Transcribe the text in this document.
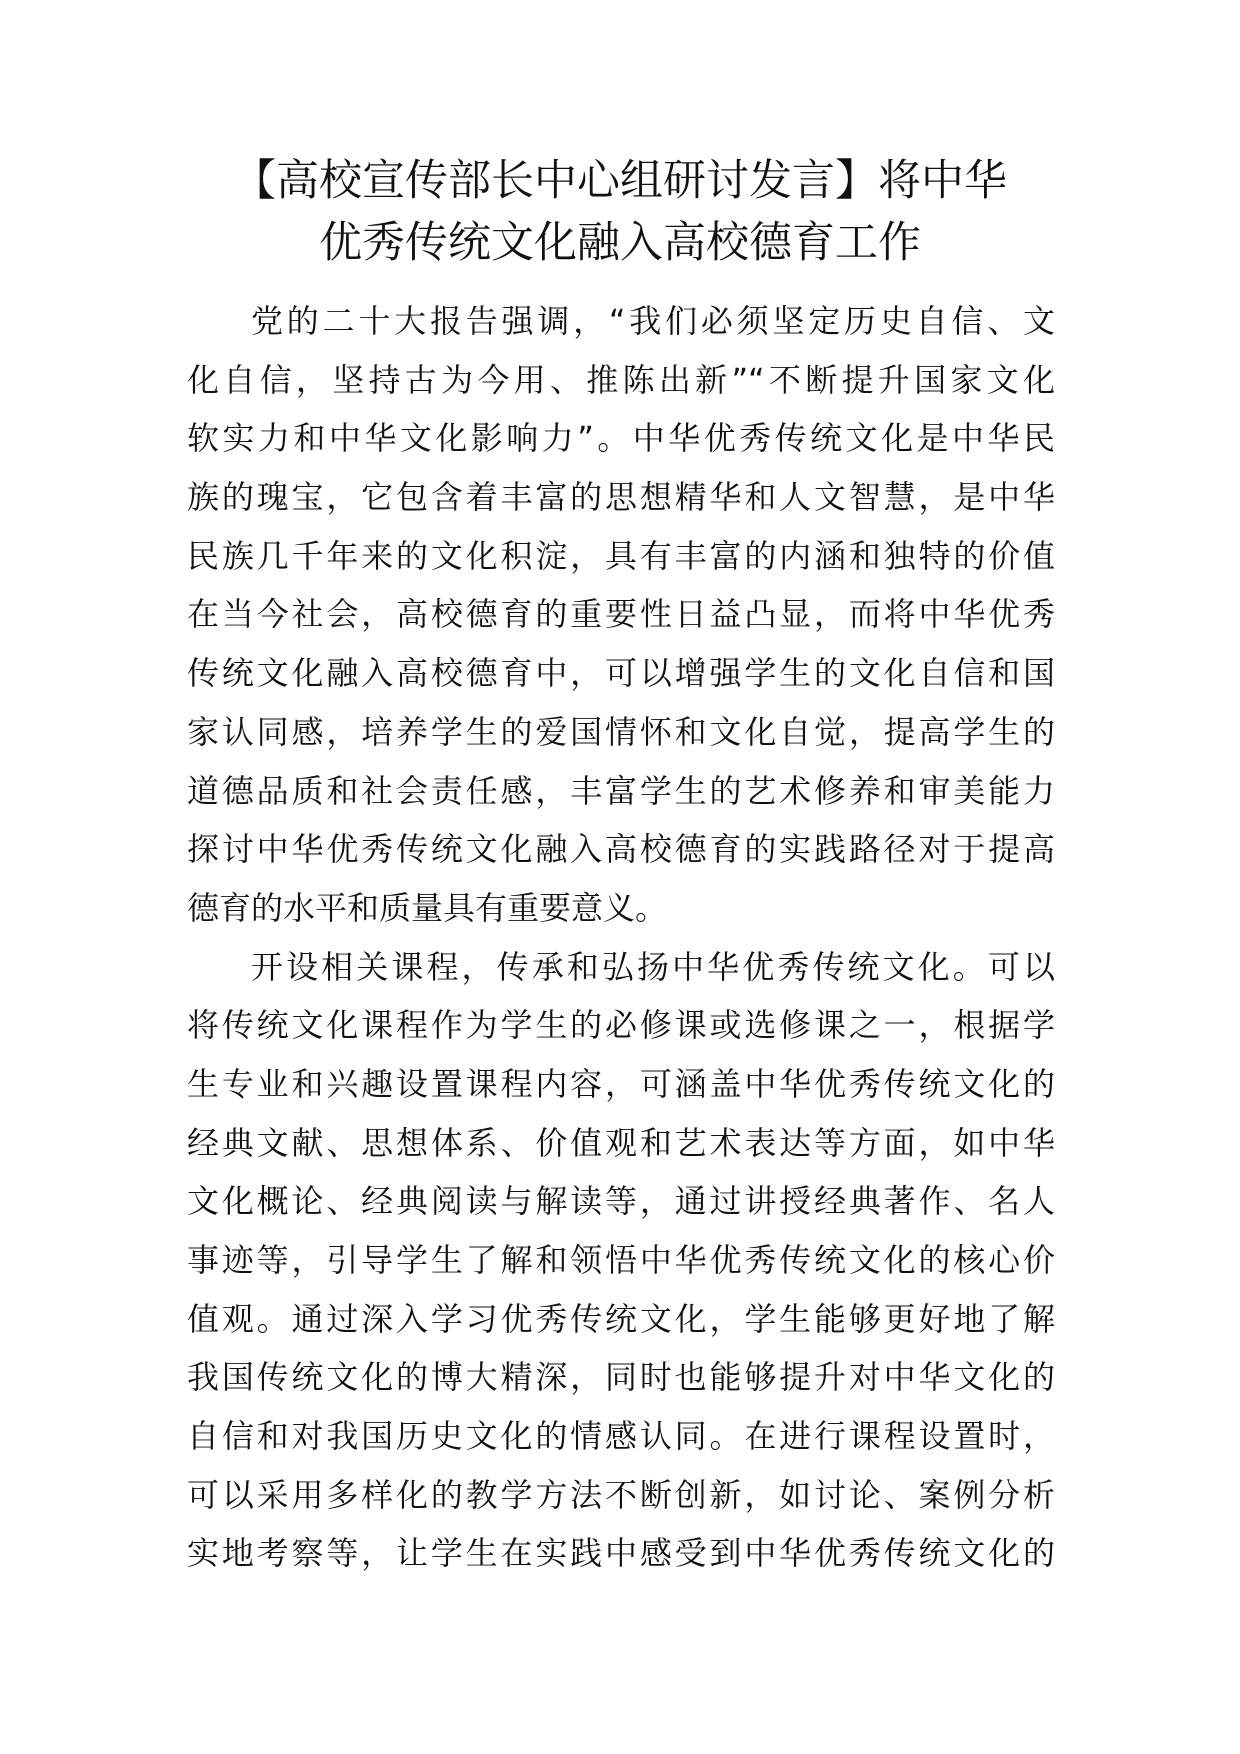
【高校宣传部长中心组研讨发言】将中华
优秀传统文化融入高校德育工作
党的二十大报告强调，“我们必须坚定历史自信、文
化自信，坚持古为今用、推陈出新”“不断提升国家文化
软实力和中华文化影响力”。中华优秀传统文化是中华民
族的瑰宝，它包含着丰富的思想精华和人文智慧，是中华
民族几千年来的文化积淀，具有丰富的内涵和独特的价值
在当今社会，高校德育的重要性日益凸显，而将中华优秀
传统文化融入高校德育中，可以增强学生的文化自信和国
家认同感，培养学生的爱国情怀和文化自觉，提高学生的
道德品质和社会责任感，丰富学生的艺术修养和审美能力
探讨中华优秀传统文化融入高校德育的实践路径对于提高
德育的水平和质量具有重要意义。
开设相关课程，传承和弘扬中华优秀传统文化。可以
将传统文化课程作为学生的必修课或选修课之一，根据学
生专业和兴趣设置课程内容，可涵盖中华优秀传统文化的
经典文献、思想体系、价值观和艺术表达等方面，如中华
文化概论、经典阅读与解读等，通过讲授经典著作、名人
事迹等，引导学生了解和领悟中华优秀传统文化的核心价
值观。通过深入学习优秀传统文化，学生能够更好地了解
我国传统文化的博大精深，同时也能够提升对中华文化的
自信和对我国历史文化的情感认同。在进行课程设置时，
可以采用多样化的教学方法不断创新，如讨论、案例分析
实地考察等，让学生在实践中感受到中华优秀传统文化的
